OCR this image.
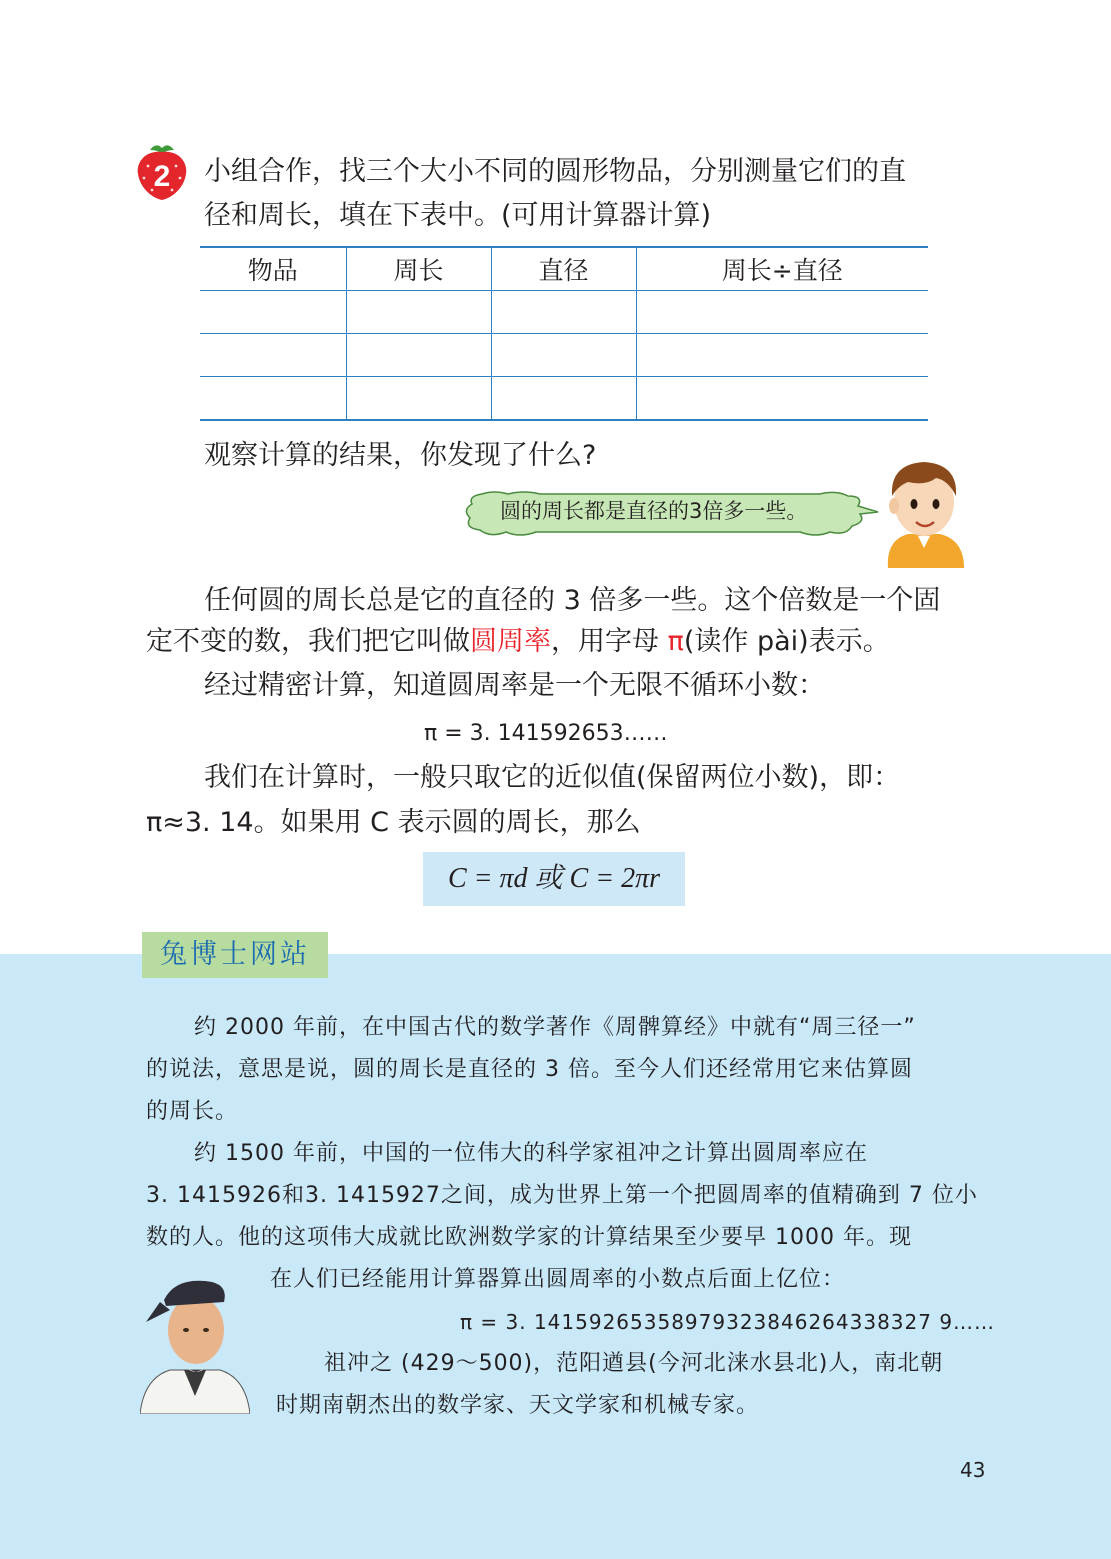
2 小组合作，找三个大小不同的圆形物品，分别测量它们的直
径和周长，填在下表中。(可用计算器计算)
物品	周长	直径	周长÷直径

观察计算的结果，你发现了什么?
圆的周长都是直径的3倍多一些。
任何圆的周长总是它的直径的 3 倍多一些。这个倍数是一个固
定不变的数，我们把它叫做圆周率，用字母 π(读作 pài)表示。
经过精密计算，知道圆周率是一个无限不循环小数：
π = 3. 141592653……
我们在计算时，一般只取它的近似值(保留两位小数)，即：
π≈3. 14。如果用 C 表示圆的周长，那么
C = πd 或 C = 2πr
兔博士网站
约 2000 年前，在中国古代的数学著作《周髀算经》中就有“周三径一”
的说法，意思是说，圆的周长是直径的 3 倍。至今人们还经常用它来估算圆
的周长。
约 1500 年前，中国的一位伟大的科学家祖冲之计算出圆周率应在
3. 1415926和3. 1415927之间，成为世界上第一个把圆周率的值精确到 7 位小
数的人。他的这项伟大成就比欧洲数学家的计算结果至少要早 1000 年。现
在人们已经能用计算器算出圆周率的小数点后面上亿位：
π = 3. 14159265358979323846264338327 9……
祖冲之 (429～500)，范阳遒县(今河北涞水县北)人，南北朝
时期南朝杰出的数学家、天文学家和机械专家。
43
